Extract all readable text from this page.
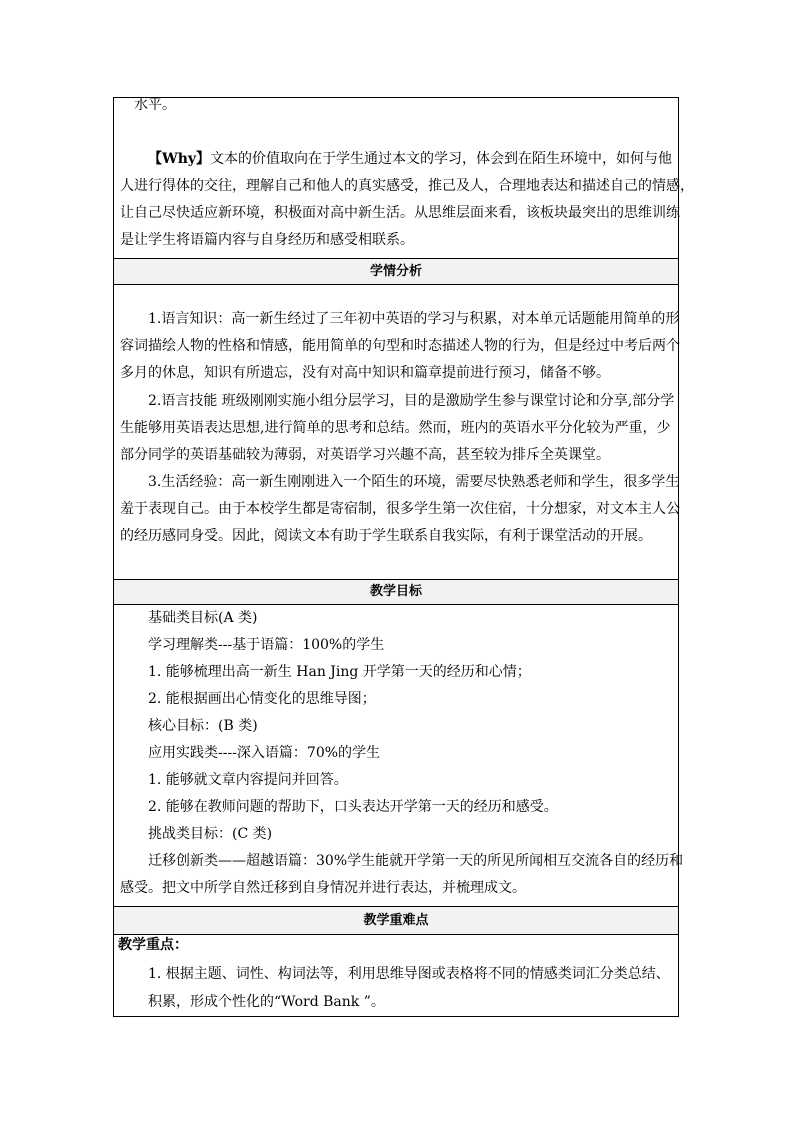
水平。
【Why】文本的价值取向在于学生通过本文的学习，体会到在陌生环境中，如何与他
人进行得体的交往，理解自己和他人的真实感受，推己及人，合理地表达和描述自己的情感，
让自己尽快适应新环境，积极面对高中新生活。从思维层面来看，该板块最突出的思维训练
是让学生将语篇内容与自身经历和感受相联系。
学情分析
1.语言知识：高一新生经过了三年初中英语的学习与积累，对本单元话题能用简单的形
容词描绘人物的性格和情感，能用简单的句型和时态描述人物的行为，但是经过中考后两个
多月的休息，知识有所遗忘，没有对高中知识和篇章提前进行预习，储备不够。
2.语言技能 班级刚刚实施小组分层学习，目的是激励学生参与课堂讨论和分享,部分学
生能够用英语表达思想,进行简单的思考和总结。然而，班内的英语水平分化较为严重，少
部分同学的英语基础较为薄弱，对英语学习兴趣不高，甚至较为排斥全英课堂。
3.生活经验：高一新生刚刚进入一个陌生的环境，需要尽快熟悉老师和学生，很多学生
羞于表现自己。由于本校学生都是寄宿制，很多学生第一次住宿，十分想家，对文本主人公
的经历感同身受。因此，阅读文本有助于学生联系自我实际，有利于课堂活动的开展。
教学目标
基础类目标(A 类)
学习理解类---基于语篇：100%的学生
1. 能够梳理出高一新生 Han Jing 开学第一天的经历和心情；
2. 能根据画出心情变化的思维导图；
核心目标：(B 类)
应用实践类----深入语篇：70%的学生
1. 能够就文章内容提问并回答。
2. 能够在教师问题的帮助下，口头表达开学第一天的经历和感受。
挑战类目标：(C 类)
迁移创新类——超越语篇：30%学生能就开学第一天的所见所闻相互交流各自的经历和
感受。把文中所学自然迁移到自身情况并进行表达，并梳理成文。
教学重难点
教学重点：
1. 根据主题、词性、构词法等，利用思维导图或表格将不同的情感类词汇分类总结、
积累，形成个性化的“Word Bank ”。
